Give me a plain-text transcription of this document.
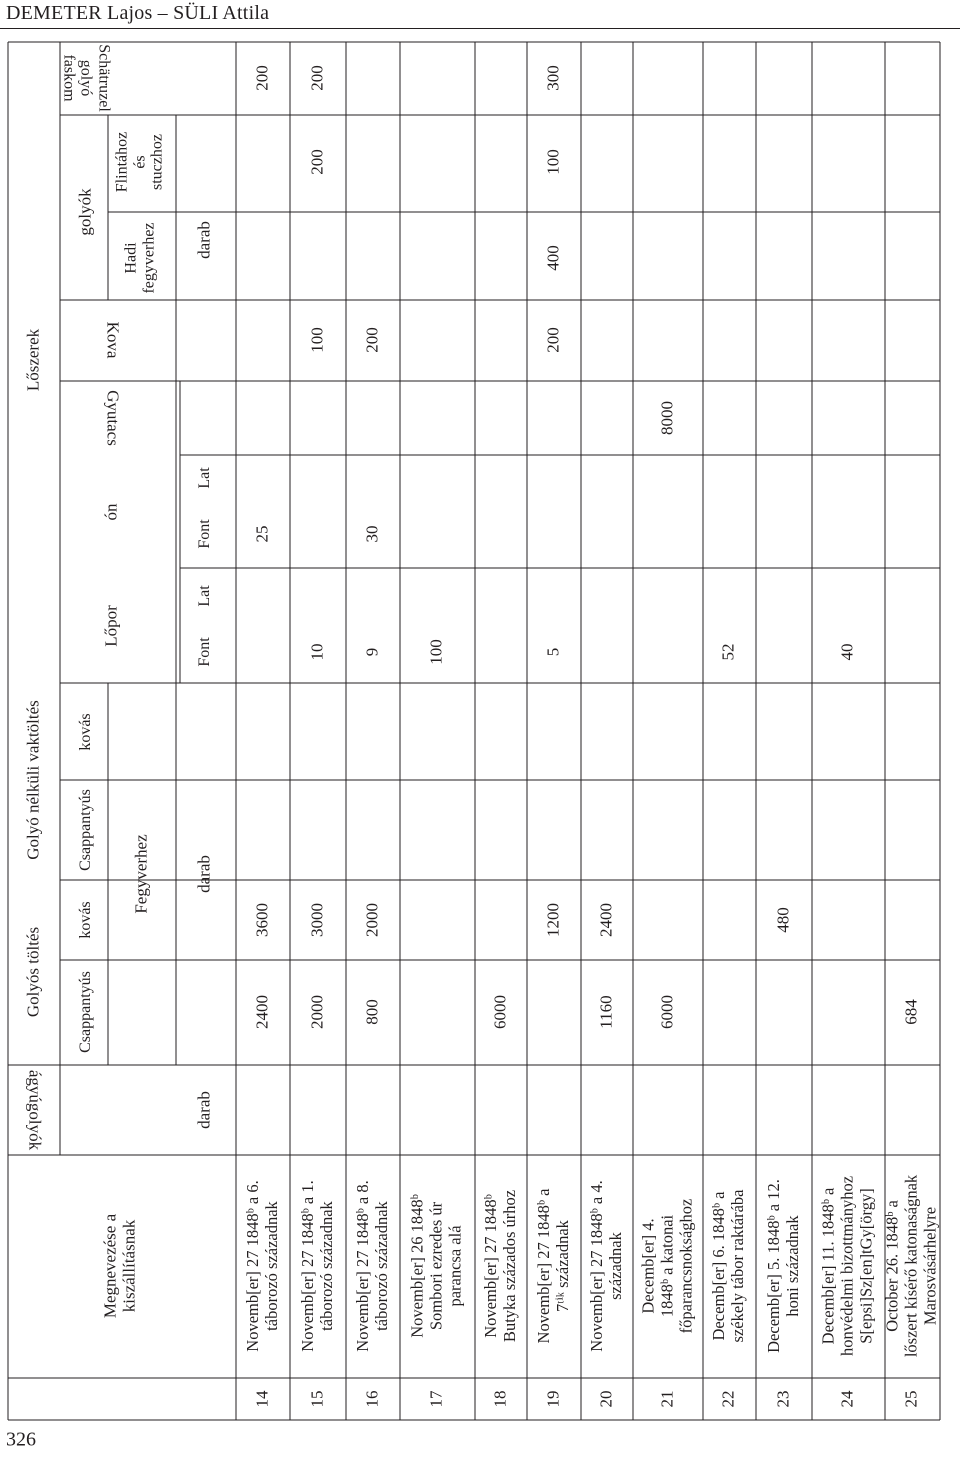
DEMETER Lajos – SÜLI Attila
326
Megnevezése a kiszállításnak
ágyúgolyók	darab
Golyós töltés
Golyó nélküli vaktöltés
Csappantyús
kovás
Csappantyús
kovás
Fegyverhez	darab
Lőszerek
Lőpor
ón
Font
Lat
Font
Lat
Gyutacs
Kova
golyók
Hadi fegyverhez
Flintához és stuczhoz
darab
Schätruzel
golyó
faskom
14
Novemb[er] 27 1848ᵇ a 6. táborozó századnak
2400
3600
25
200
15
Novemb[er] 27 1848ᵇ a 1. táborozó századnak
2000
3000
10
100
200
200
16
Novemb[er] 27 1848ᵇ a 8. táborozó századnak
800
2000
9
30
200
17
Novemb[er] 26 1848ᵇ Sombori ezredes úr parancsa alá
100
18
Novemb[er] 27 1848ᵇ Butyka százados úrhoz
6000
19
Novemb[er] 27 1848ᵇ a 7ᵗⁱᵏ századnak
1200
5
200
400
100
300
20
Novemb[er] 27 1848ᵇ a 4. századnak
1160
2400
21
Decemb[er] 4. 1848ᵇ a katonai főparancsnoksághoz
6000
8000
22
Decemb[er] 6. 1848ᵇ a székely tábor raktárába
52
23
Decemb[er] 5. 1848ᵇ a 12. honi századnak
480
24
Decemb[er] 11. 1848ᵇ a honvédelmi bizottmányhoz S[epsi]Sz[en]tGy[örgy]
40
25
October 26. 1848ᵇ a lőszert kísérő katonaságnak Marosvásárhelyre
684
